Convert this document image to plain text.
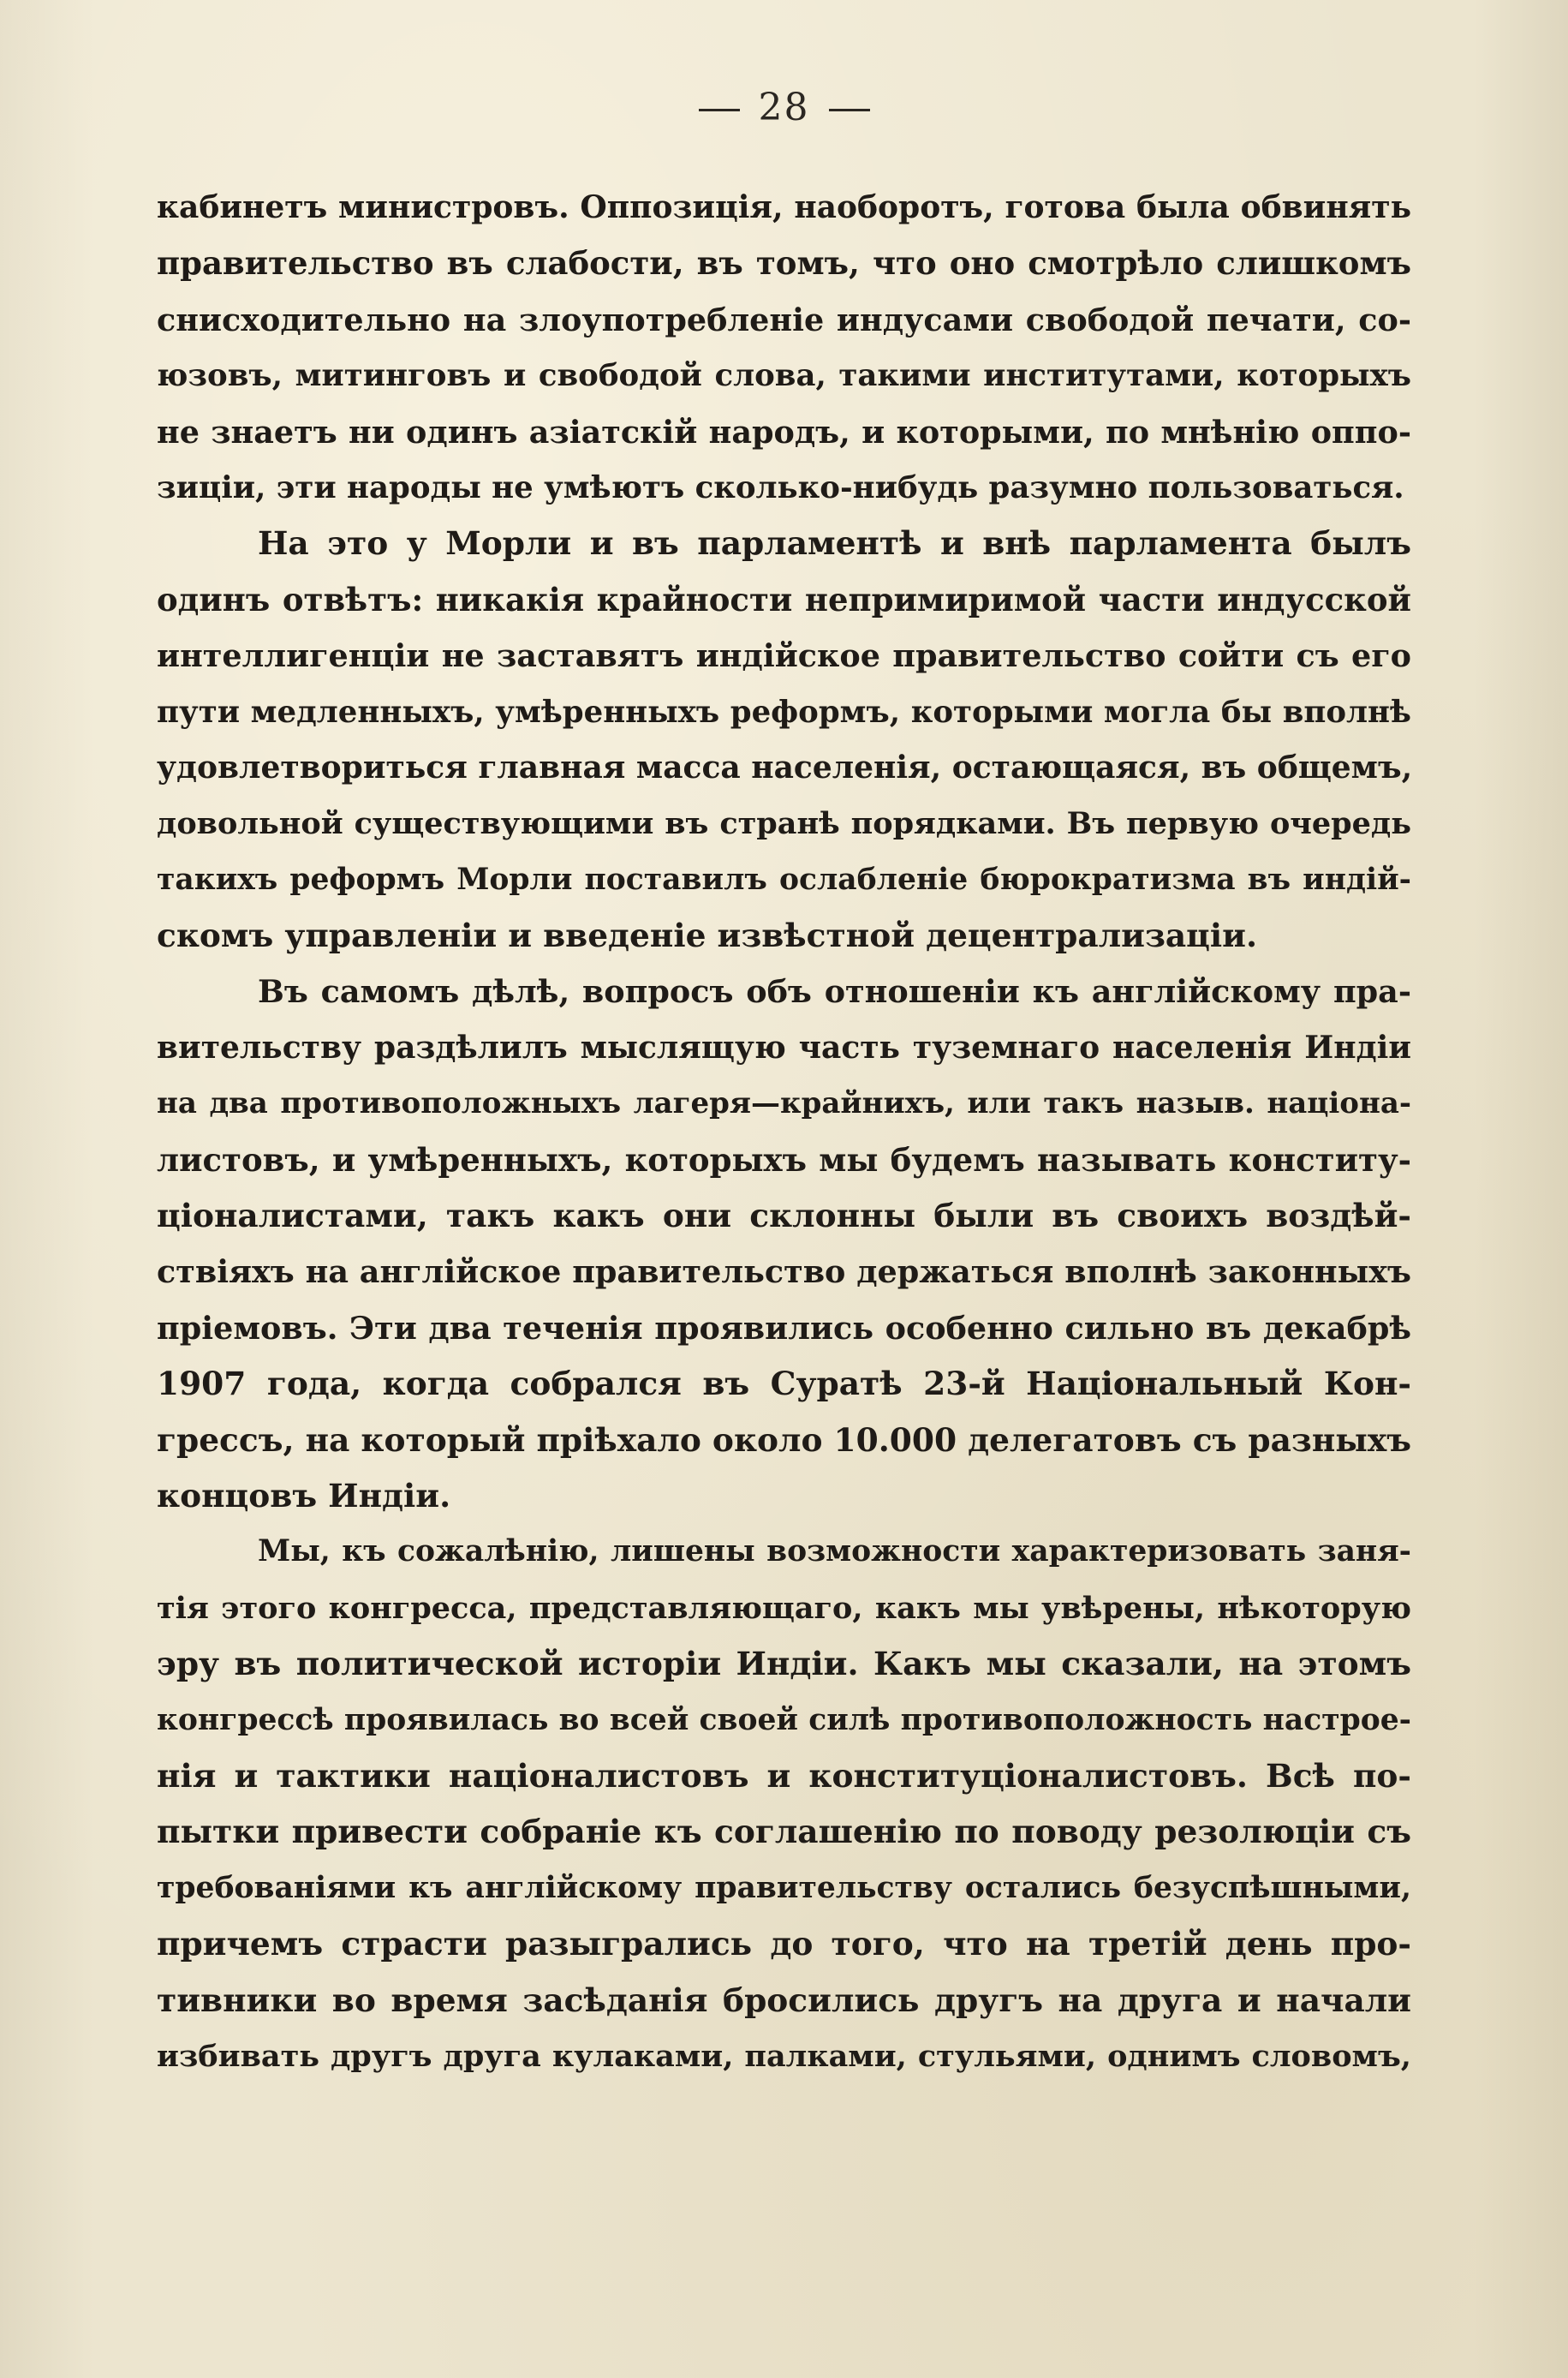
28
кабинетъ министровъ. Оппозиція, наоборотъ, готова была обвинять
правительство въ слабости, въ томъ, что оно смотрѣло слишкомъ
снисходительно на злоупотребленіе индусами свободой печати, со-
юзовъ, митинговъ и свободой слова, такими институтами, которыхъ
не знаетъ ни одинъ азіатскій народъ, и которыми, по мнѣнію оппо-
зиціи, эти народы не умѣютъ сколько-нибудь разумно пользоваться.
На это у Морли и въ парламентѣ и внѣ парламента былъ
одинъ отвѣтъ: никакія крайности непримиримой части индусской
интеллигенціи не заставятъ индійское правительство сойти съ его
пути медленныхъ, умѣренныхъ реформъ, которыми могла бы вполнѣ
удовлетвориться главная масса населенія, остающаяся, въ общемъ,
довольной существующими въ странѣ порядками. Въ первую очередь
такихъ реформъ Морли поставилъ ослабленіе бюрократизма въ индій-
скомъ управленіи и введеніе извѣстной децентрализаціи.
Въ самомъ дѣлѣ, вопросъ объ отношеніи къ англійскому пра-
вительству раздѣлилъ мыслящую часть туземнаго населенія Индіи
на два противоположныхъ лагеря—крайнихъ, или такъ назыв. націона-
листовъ, и умѣренныхъ, которыхъ мы будемъ называть конститу-
ціоналистами, такъ какъ они склонны были въ своихъ воздѣй-
ствіяхъ на англійское правительство держаться вполнѣ законныхъ
пріемовъ. Эти два теченія проявились особенно сильно въ декабрѣ
1907 года, когда собрался въ Суратѣ 23-й Національный Кон-
грессъ, на который пріѣхало около 10.000 делегатовъ съ разныхъ
концовъ Индіи.
Мы, къ сожалѣнію, лишены возможности характеризовать заня-
тія этого конгресса, представляющаго, какъ мы увѣрены, нѣкоторую
эру въ политической исторіи Индіи. Какъ мы сказали, на этомъ
конгрессѣ проявилась во всей своей силѣ противоположность настрое-
нія и тактики націоналистовъ и конституціоналистовъ. Всѣ по-
пытки привести собраніе къ соглашенію по поводу резолюціи съ
требованіями къ англійскому правительству остались безуспѣшными,
причемъ страсти разыгрались до того, что на третій день про-
тивники во время засѣданія бросились другъ на друга и начали
избивать другъ друга кулаками, палками, стульями, однимъ словомъ,
